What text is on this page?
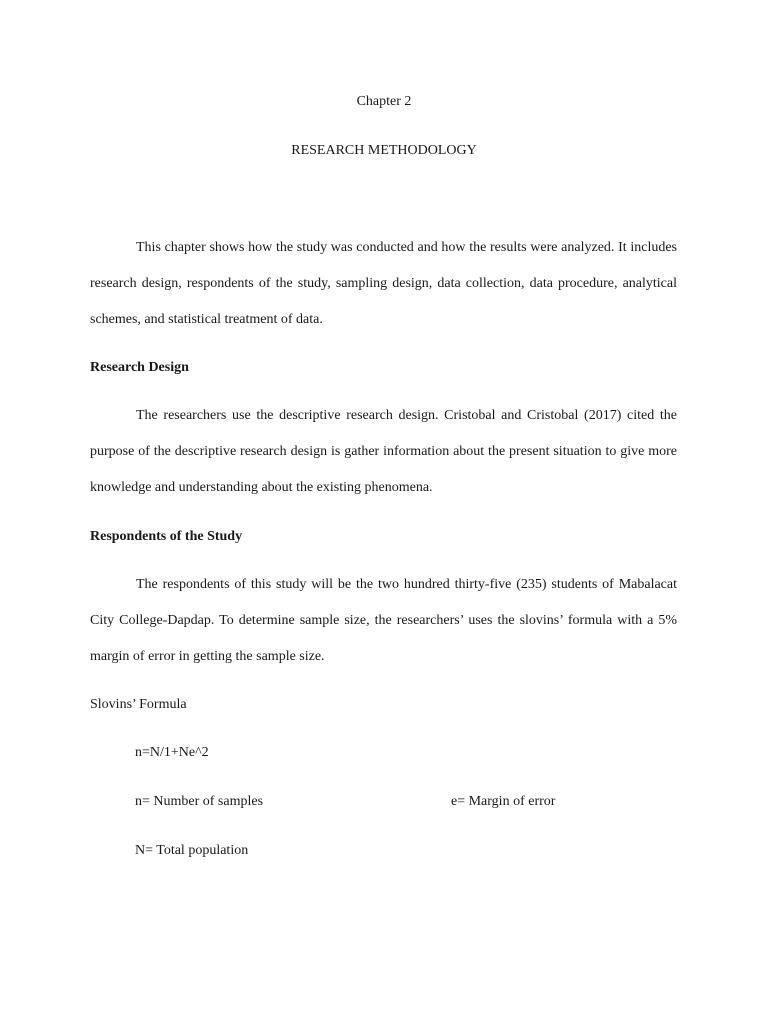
Chapter 2
RESEARCH METHODOLOGY

This chapter shows how the study was conducted and how the results were analyzed. It includes research design, respondents of the study, sampling design, data collection, data procedure, analytical schemes, and statistical treatment of data.

Research Design

The researchers use the descriptive research design. Cristobal and Cristobal (2017) cited the purpose of the descriptive research design is gather information about the present situation to give more knowledge and understanding about the existing phenomena.

Respondents of the Study

The respondents of this study will be the two hundred thirty-five (235) students of Mabalacat City College-Dapdap. To determine sample size, the researchers’ uses the slovins’ formula with a 5% margin of error in getting the sample size.

Slovins’ Formula
n=N/1+Ne^2
n= Number of samples	e= Margin of error
N= Total population
